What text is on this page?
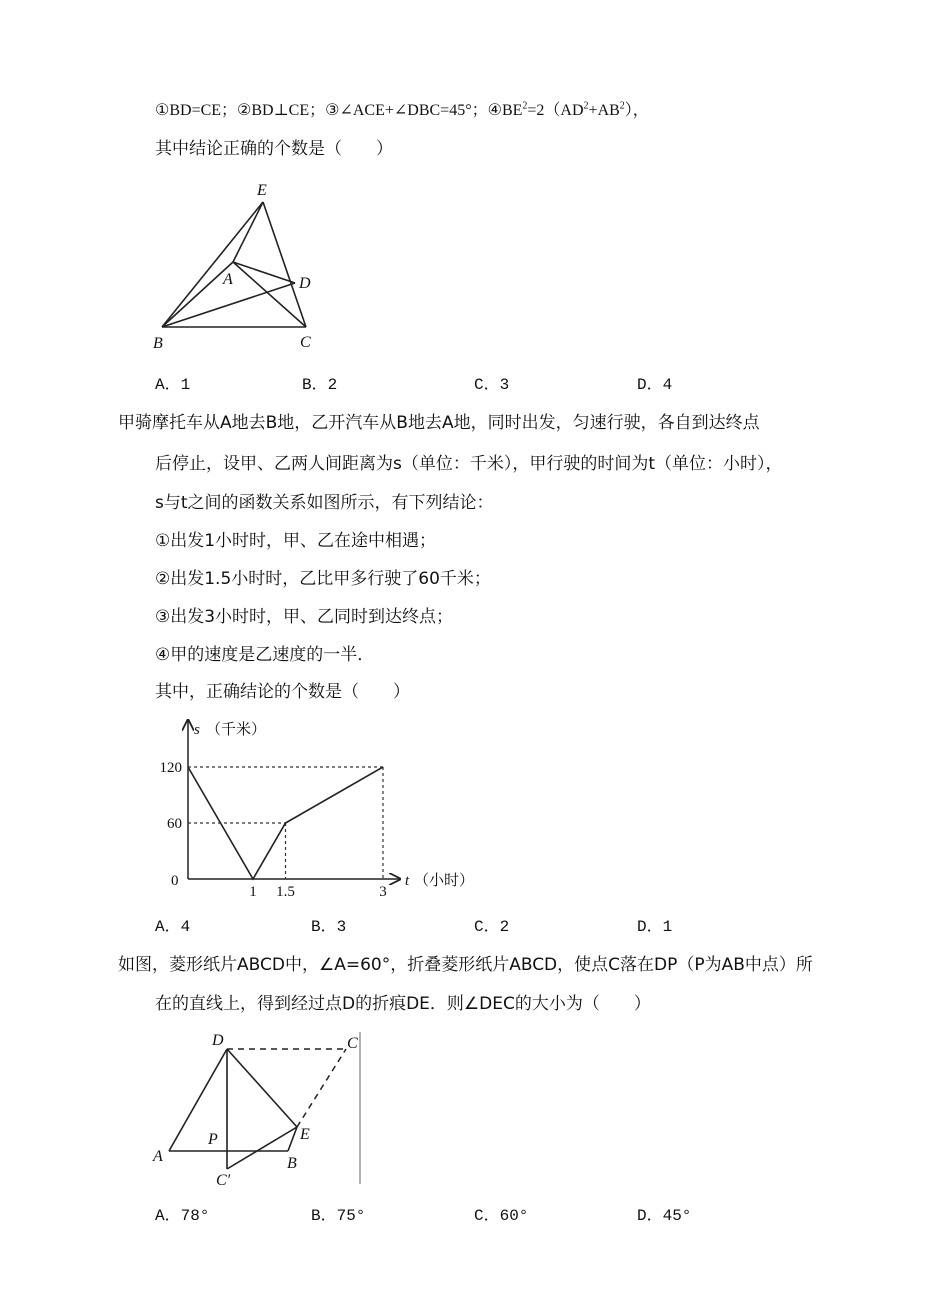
①BD=CE；②BD⊥CE；③∠ACE+∠DBC=45°；$④BE^2=2(AD^2+AB^2)$，
其中结论正确的个数是（　　）
E
A	D
B	C
A．1	B．2	C．3	D．4
甲骑摩托车从A地去B地，乙开汽车从B地去A地，同时出发，匀速行驶，各自到达终点
后停止，设甲、乙两人间距离为s（单位：千米），甲行驶的时间为t（单位：小时），
s与t之间的函数关系如图所示，有下列结论：
①出发1小时时，甲、乙在途中相遇；
②出发1.5小时时，乙比甲多行驶了60千米；
③出发3小时时，甲、乙同时到达终点；
④甲的速度是乙速度的一半．
其中，正确结论的个数是（　　）
s （千米）
t （小时）
0
1 1.5	3
120
60
A．4	B．3	C．2	D．1
如图，菱形纸片ABCD中，∠A=60°，折叠菱形纸片ABCD，使点C落在DP（P为AB中点）所
在的直线上，得到经过点D的折痕DE．则∠DEC的大小为（　　）
D	C
P	E
A	B
C′
A．78°	B．75°	C．60°	D．45°
